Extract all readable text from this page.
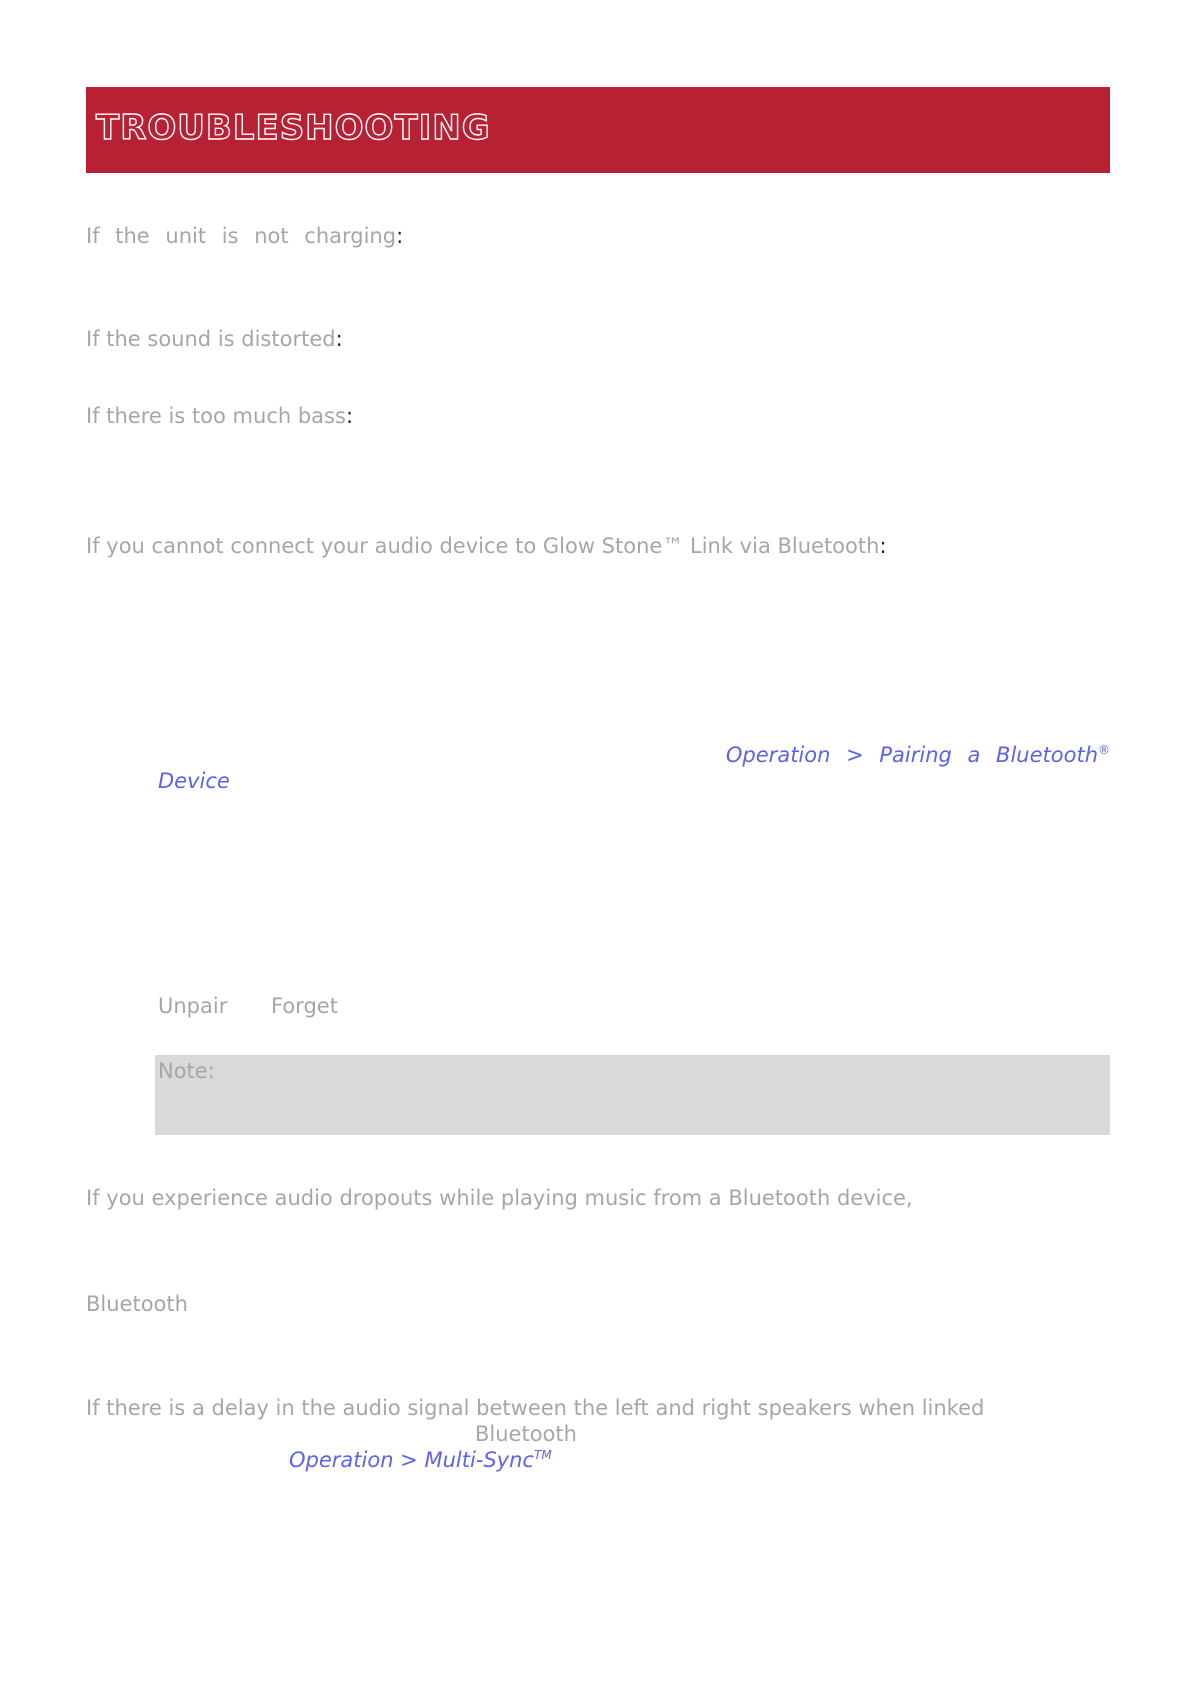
TROUBLESHOOTING
If the unit is not charging:
If the sound is distorted:
If there is too much bass:
If you cannot connect your audio device to Glow Stone™ Link via Bluetooth:
Operation > Pairing a Bluetooth®
Device
Unpair Forget
Note:
If you experience audio dropouts while playing music from a Bluetooth device,
Bluetooth
If there is a delay in the audio signal between the left and right speakers when linked
Bluetooth
Operation > Multi-Sync™
